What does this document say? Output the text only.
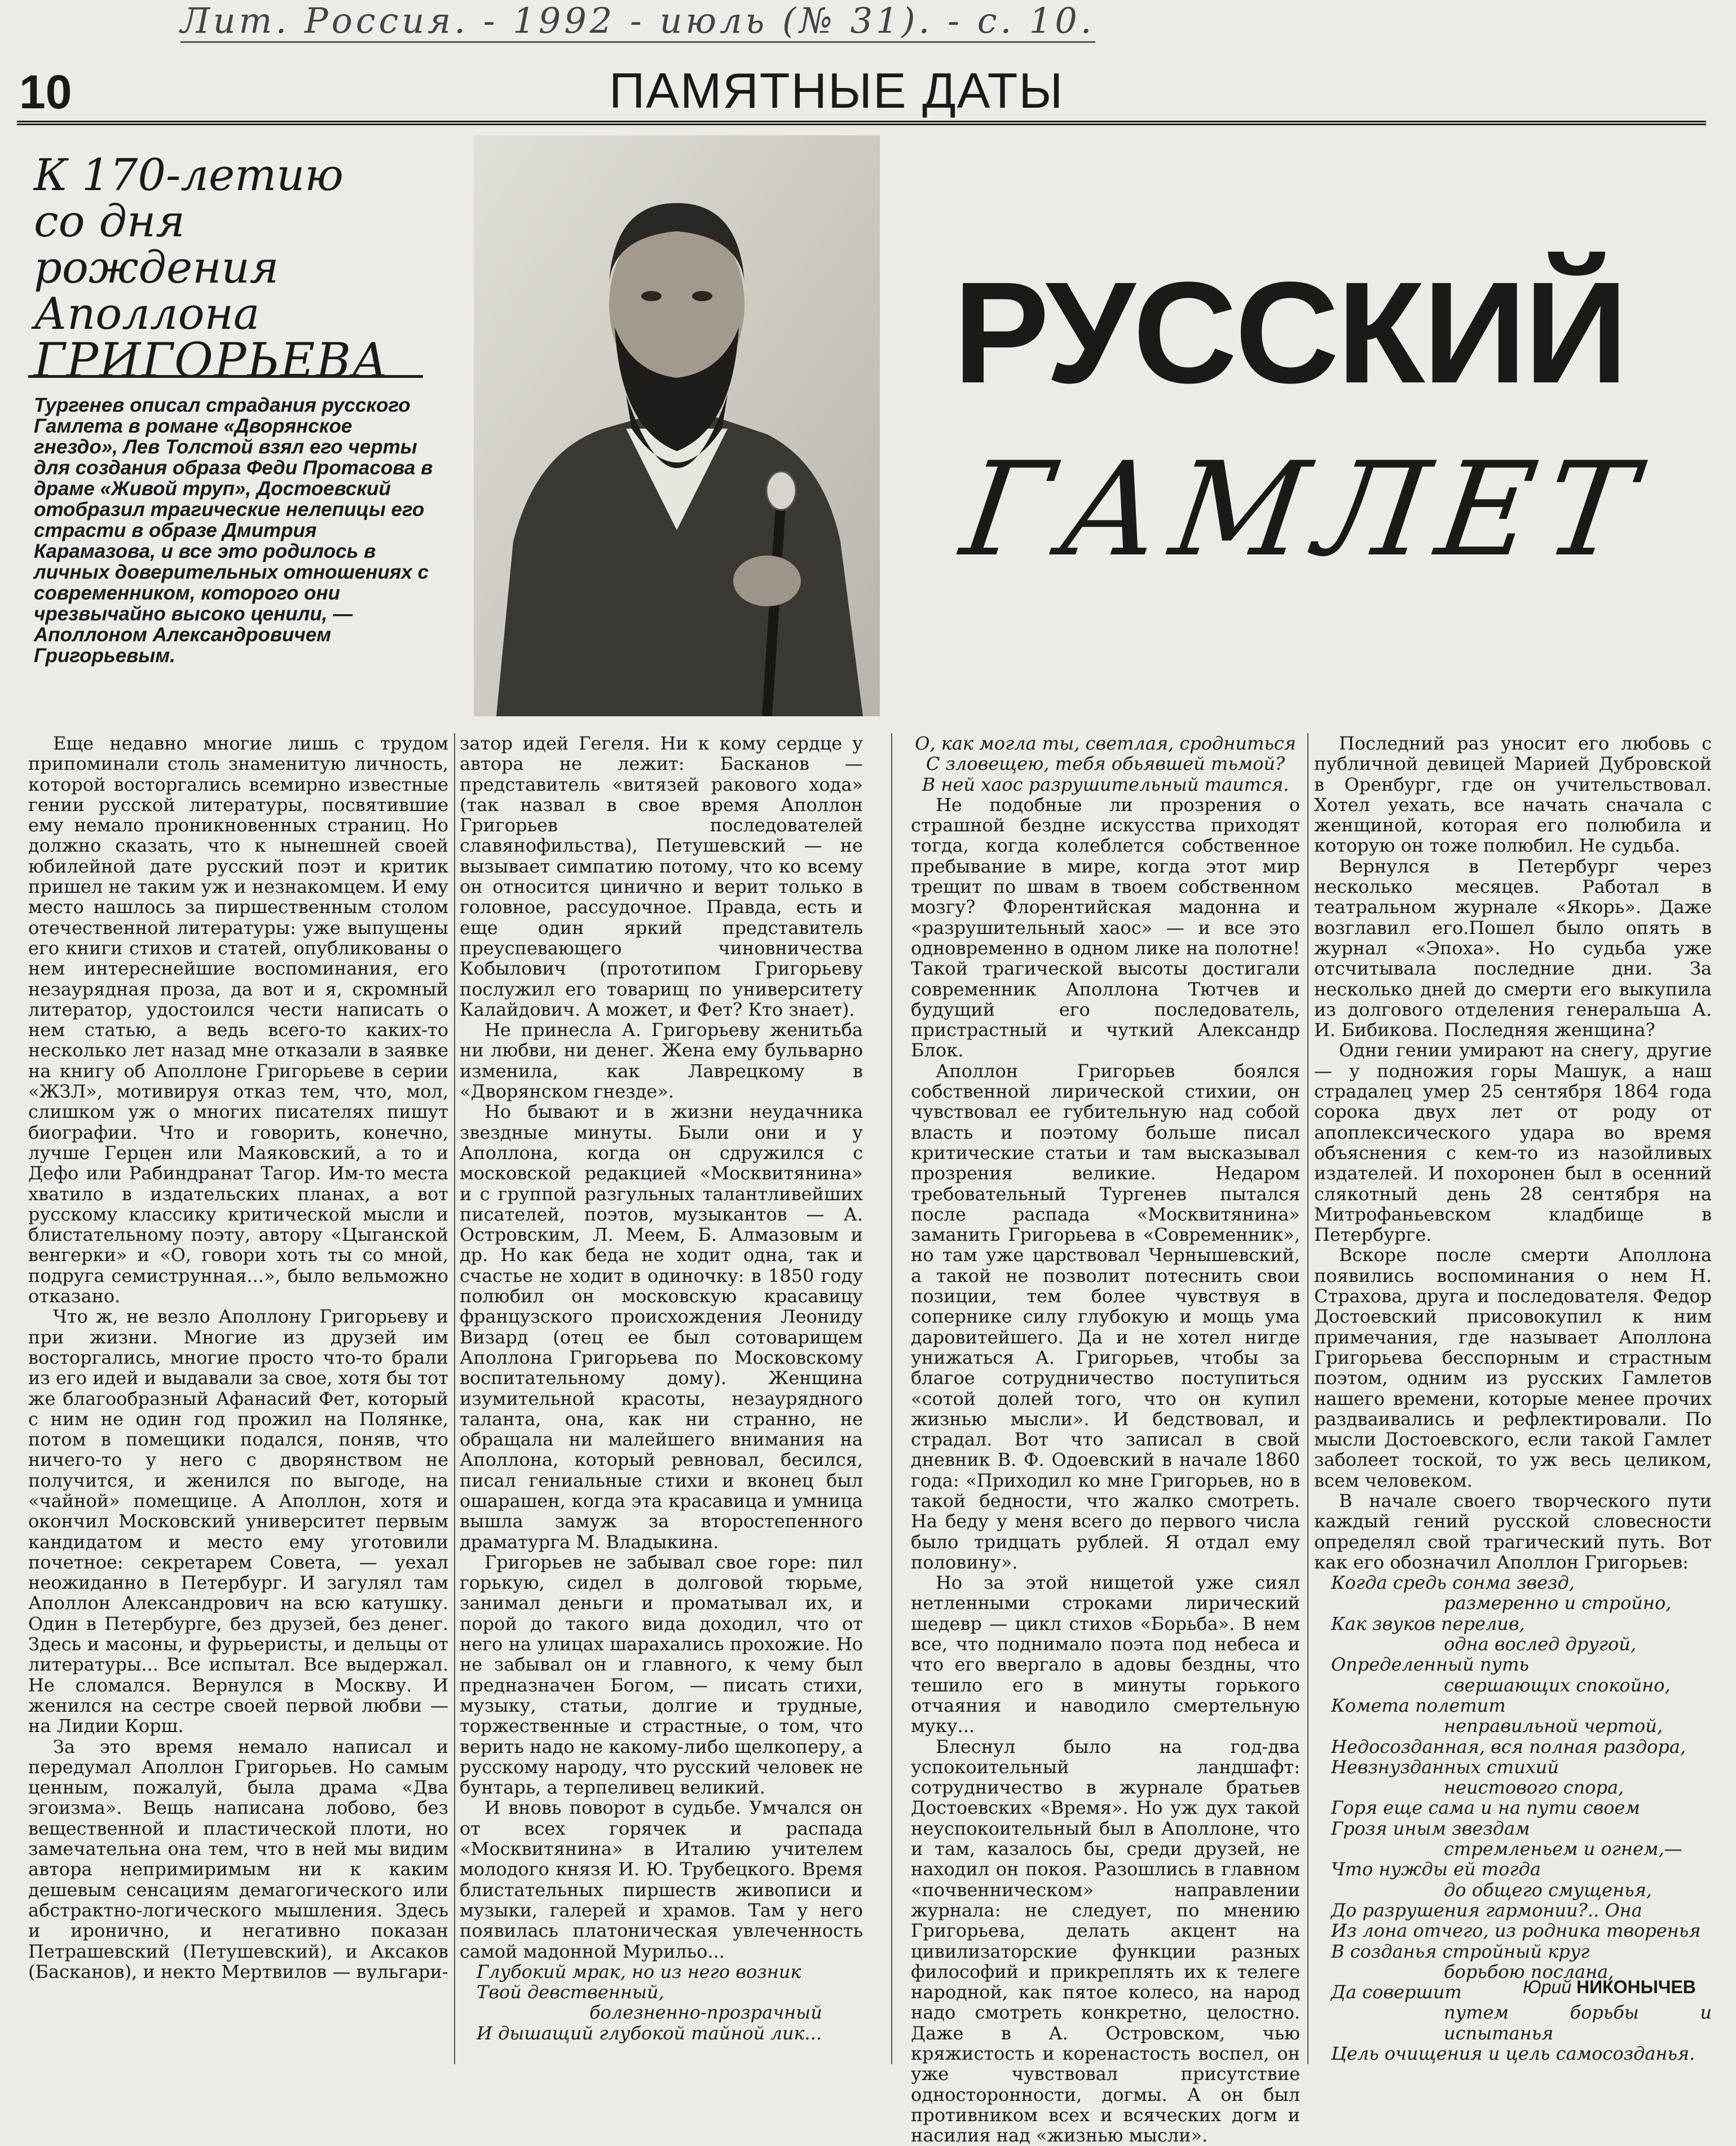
Лит. Россия. - 1992 - июль (№ 31). - с. 10.
10	ПАМЯТНЫЕ ДАТЫ
К 170-летию
со дня
рождения
Аполлона
ГРИГОРЬЕВА
Тургенев описал страдания русского Гамлета в романе «Дворянское гнездо», Лев Толстой взял его черты для создания образа Феди Протасова в драме «Живой труп», Достоевский отобразил трагические нелепицы его страсти в образе Дмитрия Карамазова, и все это родилось в личных доверительных отношениях с современником, которого они чрезвычайно высоко ценили, — Аполлоном Александровичем Григорьевым.
РУССКИЙ
ГАМЛЕТ

Еще недавно многие лишь с трудом припоминали столь знаменитую личность, которой восторгались всемирно известные гении русской литературы, посвятившие ему немало проникновенных страниц. Но должно сказать, что к нынешней своей юбилейной дате русский поэт и критик пришел не таким уж и незнакомцем. И ему место нашлось за пиршественным столом отечественной литературы: уже выпущены его книги стихов и статей, опубликованы о нем интереснейшие воспоминания, его незаурядная проза, да вот и я, скромный литератор, удостоился чести написать о нем статью, а ведь всего-то каких-то несколько лет назад мне отказали в заявке на книгу об Аполлоне Григорьеве в серии «ЖЗЛ», мотивируя отказ тем, что, мол, слишком уж о многих писателях пишут биографии. Что и говорить, конечно, лучше Герцен или Маяковский, а то и Дефо или Рабиндранат Тагор. Им-то места хватило в издательских планах, а вот русскому классику критической мысли и блистательному поэту, автору «Цыганской венгерки» и «О, говори хоть ты со мной, подруга семиструнная...», было вельможно отказано.

Что ж, не везло Аполлону Григорьеву и при жизни. Многие из друзей им восторгались, многие просто что-то брали из его идей и выдавали за свое, хотя бы тот же благообразный Афанасий Фет, который с ним не один год прожил на Полянке, потом в помещики подался, поняв, что ничего-то у него с дворянством не получится, и женился по выгоде, на «чайной» помещице. А Аполлон, хотя и окончил Московский университет первым кандидатом и место ему уготовили почетное: секретарем Совета, — уехал неожиданно в Петербург. И загулял там Аполлон Александрович на всю катушку. Один в Петербурге, без друзей, без денег. Здесь и масоны, и фурьеристы, и дельцы от литературы... Все испытал. Все выдержал. Не сломался. Вернулся в Москву. И женился на сестре своей первой любви — на Лидии Корш.

За это время немало написал и передумал Аполлон Григорьев. Но самым ценным, пожалуй, была драма «Два эгоизма». Вещь написана лобово, без вещественной и пластической плоти, но замечательна она тем, что в ней мы видим автора непримиримым ни к каким дешевым сенсациям демагогического или абстрактно-логического мышления. Здесь и иронично, и негативно показан Петрашевский (Петушевский), и Аксаков (Басканов), и некто Мертвилов — вульгари-

затор идей Гегеля. Ни к кому сердце у автора не лежит: Басканов — представитель «витязей ракового хода» (так назвал в свое время Аполлон Григорьев последователей славянофильства), Петушевский — не вызывает симпатию потому, что ко всему он относится цинично и верит только в головное, рассудочное. Правда, есть и еще один яркий представитель преуспевающего чиновничества Кобылович (прототипом Григорьеву послужил его товарищ по университету Калайдович. А может, и Фет? Кто знает).

Не принесла А. Григорьеву женитьба ни любви, ни денег. Жена ему бульварно изменила, как Лаврецкому в «Дворянском гнезде».

Но бывают и в жизни неудачника звездные минуты. Были они и у Аполлона, когда он сдружился с московской редакцией «Москвитянина» и с группой разгульных талантливейших писателей, поэтов, музыкантов — А. Островским, Л. Меем, Б. Алмазовым и др. Но как беда не ходит одна, так и счастье не ходит в одиночку: в 1850 году полюбил он московскую красавицу французского происхождения Леониду Визард (отец ее был сотоварищем Аполлона Григорьева по Московскому воспитательному дому). Женщина изумительной красоты, незаурядного таланта, она, как ни странно, не обращала ни малейшего внимания на Аполлона, который ревновал, бесился, писал гениальные стихи и вконец был ошарашен, когда эта красавица и умница вышла замуж за второстепенного драматурга М. Владыкина.

Григорьев не забывал свое горе: пил горькую, сидел в долговой тюрьме, занимал деньги и проматывал их, и порой до такого вида доходил, что от него на улицах шарахались прохожие. Но не забывал он и главного, к чему был предназначен Богом, — писать стихи, музыку, статьи, долгие и трудные, торжественные и страстные, о том, что верить надо не какому-либо щелкоперу, а русскому народу, что русский человек не бунтарь, а терпеливец великий.

И вновь поворот в судьбе. Умчался он от всех горячек и распада «Москвитянина» в Италию учителем молодого князя И. Ю. Трубецкого. Время блистательных пиршеств живописи и музыки, галерей и храмов. Там у него появилась платоническая увлеченность самой мадонной Мурильо...

Глубокий мрак, но из него возник
Твой девственный,
болезненно-прозрачный
И дышащий глубокой тайной лик...
О, как могла ты, светлая, сродниться
С зловещею, тебя обьявшей тьмой?
В ней хаос разрушительный таится.

Не подобные ли прозрения о страшной бездне искусства приходят тогда, когда колеблется собственное пребывание в мире, когда этот мир трещит по швам в твоем собственном мозгу? Флорентийская мадонна и «разрушительный хаос» — и все это одновременно в одном лике на полотне! Такой трагической высоты достигали современник Аполлона Тютчев и будущий его последователь, пристрастный и чуткий Александр Блок.

Аполлон Григорьев боялся собственной лирической стихии, он чувствовал ее губительную над собой власть и поэтому больше писал критические статьи и там высказывал прозрения великие. Недаром требовательный Тургенев пытался после распада «Москвитянина» заманить Григорьева в «Современник», но там уже царствовал Чернышевский, а такой не позволит потеснить свои позиции, тем более чувствуя в сопернике силу глубокую и мощь ума даровитейшего. Да и не хотел нигде унижаться А. Григорьев, чтобы за благое сотрудничество поступиться «сотой долей того, что он купил жизнью мысли». И бедствовал, и страдал. Вот что записал в свой дневник В. Ф. Одоевский в начале 1860 года: «Приходил ко мне Григорьев, но в такой бедности, что жалко смотреть. На беду у меня всего до первого числа было тридцать рублей. Я отдал ему половину».

Но за этой нищетой уже сиял нетленными строками лирический шедевр — цикл стихов «Борьба». В нем все, что поднимало поэта под небеса и что его ввергало в адовы бездны, что тешило его в минуты горького отчаяния и наводило смертельную муку...

Блеснул было на год-два успокоительный ландшафт: сотрудничество в журнале братьев Достоевских «Время». Но уж дух такой неуспокоительный был в Аполлоне, что и там, казалось бы, среди друзей, не находил он покоя. Разошлись в главном «почвенническом» направлении журнала: не следует, по мнению Григорьева, делать акцент на цивилизаторские функции разных философий и прикреплять их к телеге народной, как пятое колесо, на народ надо смотреть конкретно, целостно. Даже в А. Островском, чью кряжистость и коренастость воспел, он уже чувствовал присутствие односторонности, догмы. А он был противником всех и всяческих догм и насилия над «жизнью мысли».

Последний раз уносит его любовь с публичной девицей Марией Дубровской в Оренбург, где он учительствовал. Хотел уехать, все начать сначала с женщиной, которая его полюбила и которую он тоже полюбил. Не судьба.

Вернулся в Петербург через несколько месяцев. Работал в театральном журнале «Якорь». Даже возглавил его.Пошел было опять в журнал «Эпоха». Но судьба уже отсчитывала последние дни. За несколько дней до смерти его выкупила из долгового отделения генеральша А. И. Бибикова. Последняя женщина?

Одни гении умирают на снегу, другие — у подножия горы Машук, а наш страдалец умер 25 сентября 1864 года сорока двух лет от роду от апоплексического удара во время объяснения с кем-то из назойливых издателей. И похоронен был в осенний слякотный день 28 сентября на Митрофаньевском кладбище в Петербурге.

Вскоре после смерти Аполлона появились воспоминания о нем Н. Страхова, друга и последователя. Федор Достоевский присовокупил к ним примечания, где называет Аполлона Григорьева бесспорным и страстным поэтом, одним из русских Гамлетов нашего времени, которые менее прочих раздваивались и рефлектировали. По мысли Достоевского, если такой Гамлет заболеет тоской, то уж весь целиком, всем человеком.

В начале своего творческого пути каждый гений русской словесности определял свой трагический путь. Вот как его обозначил Аполлон Григорьев:

Когда средь сонма звезд,
размеренно и стройно,
Как звуков перелив,
одна вослед другой,
Определенный путь
свершающих спокойно,
Комета полетит
неправильной чертой,
Недосозданная, вся полная раздора,
Невзнузданных стихий
неистового спора,
Горя еще сама и на пути своем
Грозя иным звездам
стремленьем и огнем,—
Что нужды ей тогда
до общего смущенья,
До разрушения гармонии?.. Она
Из лона отчего, из родника творенья
В созданья стройный круг
борьбою послана,
Да совершит
путем борьбы и испытанья
Цель очищения и цель самосозданья.
Юрий НИКОНЫЧЕВ
